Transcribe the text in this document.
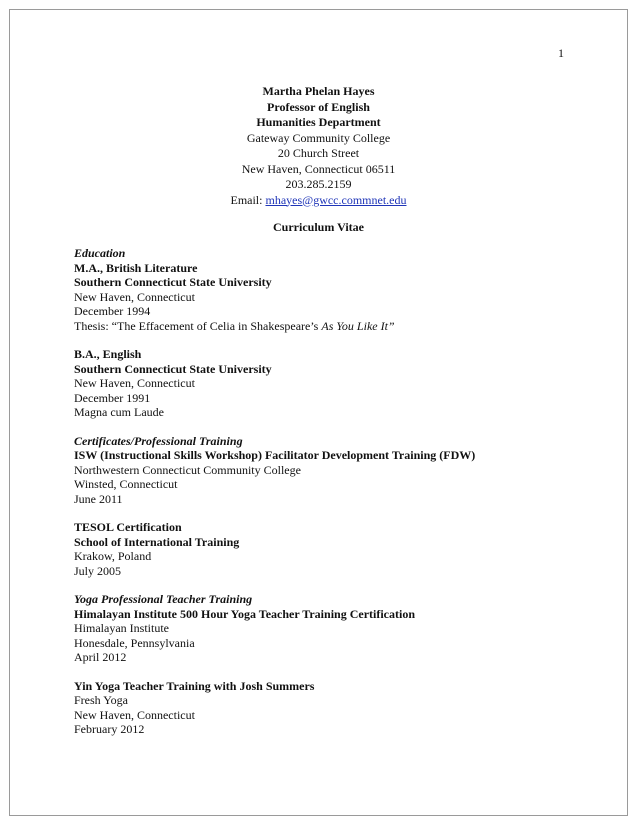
1
Martha Phelan Hayes
Professor of English
Humanities Department
Gateway Community College
20 Church Street
New Haven, Connecticut 06511
203.285.2159
Email: mhayes@gwcc.commnet.edu
Curriculum Vitae
Education
M.A., British Literature
Southern Connecticut State University
New Haven, Connecticut
December 1994
Thesis: “The Effacement of Celia in Shakespeare’s As You Like It”
B.A., English
Southern Connecticut State University
New Haven, Connecticut
December 1991
Magna cum Laude
Certificates/Professional Training
ISW (Instructional Skills Workshop) Facilitator Development Training (FDW)
Northwestern Connecticut Community College
Winsted, Connecticut
June 2011
TESOL Certification
School of International Training
Krakow, Poland
July 2005
Yoga Professional Teacher Training
Himalayan Institute 500 Hour Yoga Teacher Training Certification
Himalayan Institute
Honesdale, Pennsylvania
April 2012
Yin Yoga Teacher Training with Josh Summers
Fresh Yoga
New Haven, Connecticut
February 2012
